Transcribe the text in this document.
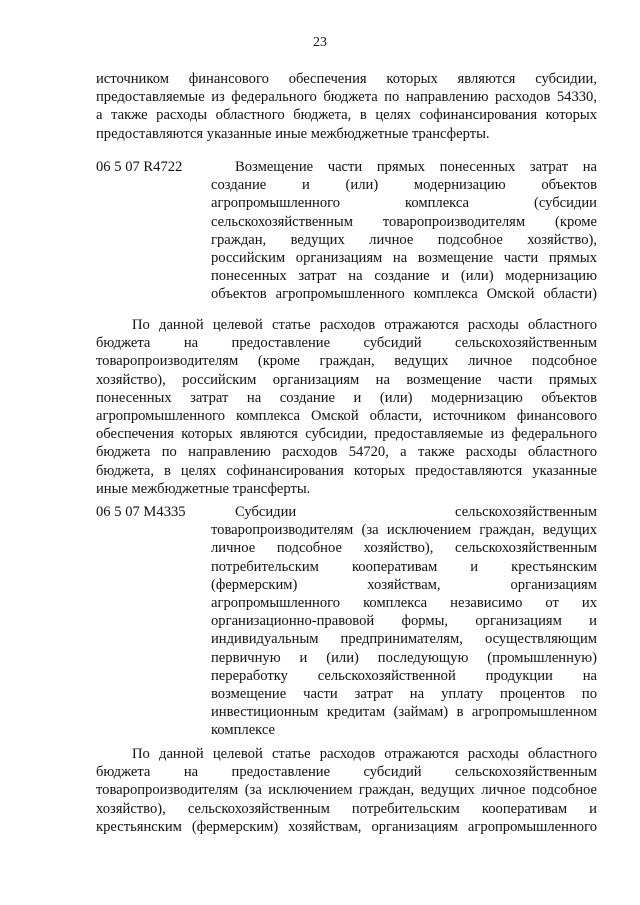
23
источником финансового обеспечения которых являются субсидии,
предоставляемые из федерального бюджета по направлению расходов 54330,
а также расходы областного бюджета, в целях софинансирования которых
предоставляются указанные иные межбюджетные трансферты.
06 5 07 R4722	Возмещение части прямых понесенных затрат на
создание и (или) модернизацию объектов
агропромышленного комплекса (субсидии
сельскохозяйственным товаропроизводителям (кроме
граждан, ведущих личное подсобное хозяйство),
российским организациям на возмещение части прямых
понесенных затрат на создание и (или) модернизацию
объектов агропромышленного комплекса Омской области)
По данной целевой статье расходов отражаются расходы областного
бюджета на предоставление субсидий сельскохозяйственным
товаропроизводителям (кроме граждан, ведущих личное подсобное
хозяйство), российским организациям на возмещение части прямых
понесенных затрат на создание и (или) модернизацию объектов
агропромышленного комплекса Омской области, источником финансового
обеспечения которых являются субсидии, предоставляемые из федерального
бюджета по направлению расходов 54720, а также расходы областного
бюджета, в целях софинансирования которых предоставляются указанные
иные межбюджетные трансферты.
06 5 07 M4335	Субсидии сельскохозяйственным
товаропроизводителям (за исключением граждан, ведущих
личное подсобное хозяйство), сельскохозяйственным
потребительским кооперативам и крестьянским
(фермерским) хозяйствам, организациям
агропромышленного комплекса независимо от их
организационно-правовой формы, организациям и
индивидуальным предпринимателям, осуществляющим
первичную и (или) последующую (промышленную)
переработку сельскохозяйственной продукции на
возмещение части затрат на уплату процентов по
инвестиционным кредитам (займам) в агропромышленном
комплексе
По данной целевой статье расходов отражаются расходы областного
бюджета на предоставление субсидий сельскохозяйственным
товаропроизводителям (за исключением граждан, ведущих личное подсобное
хозяйство), сельскохозяйственным потребительским кооперативам и
крестьянским (фермерским) хозяйствам, организациям агропромышленного
